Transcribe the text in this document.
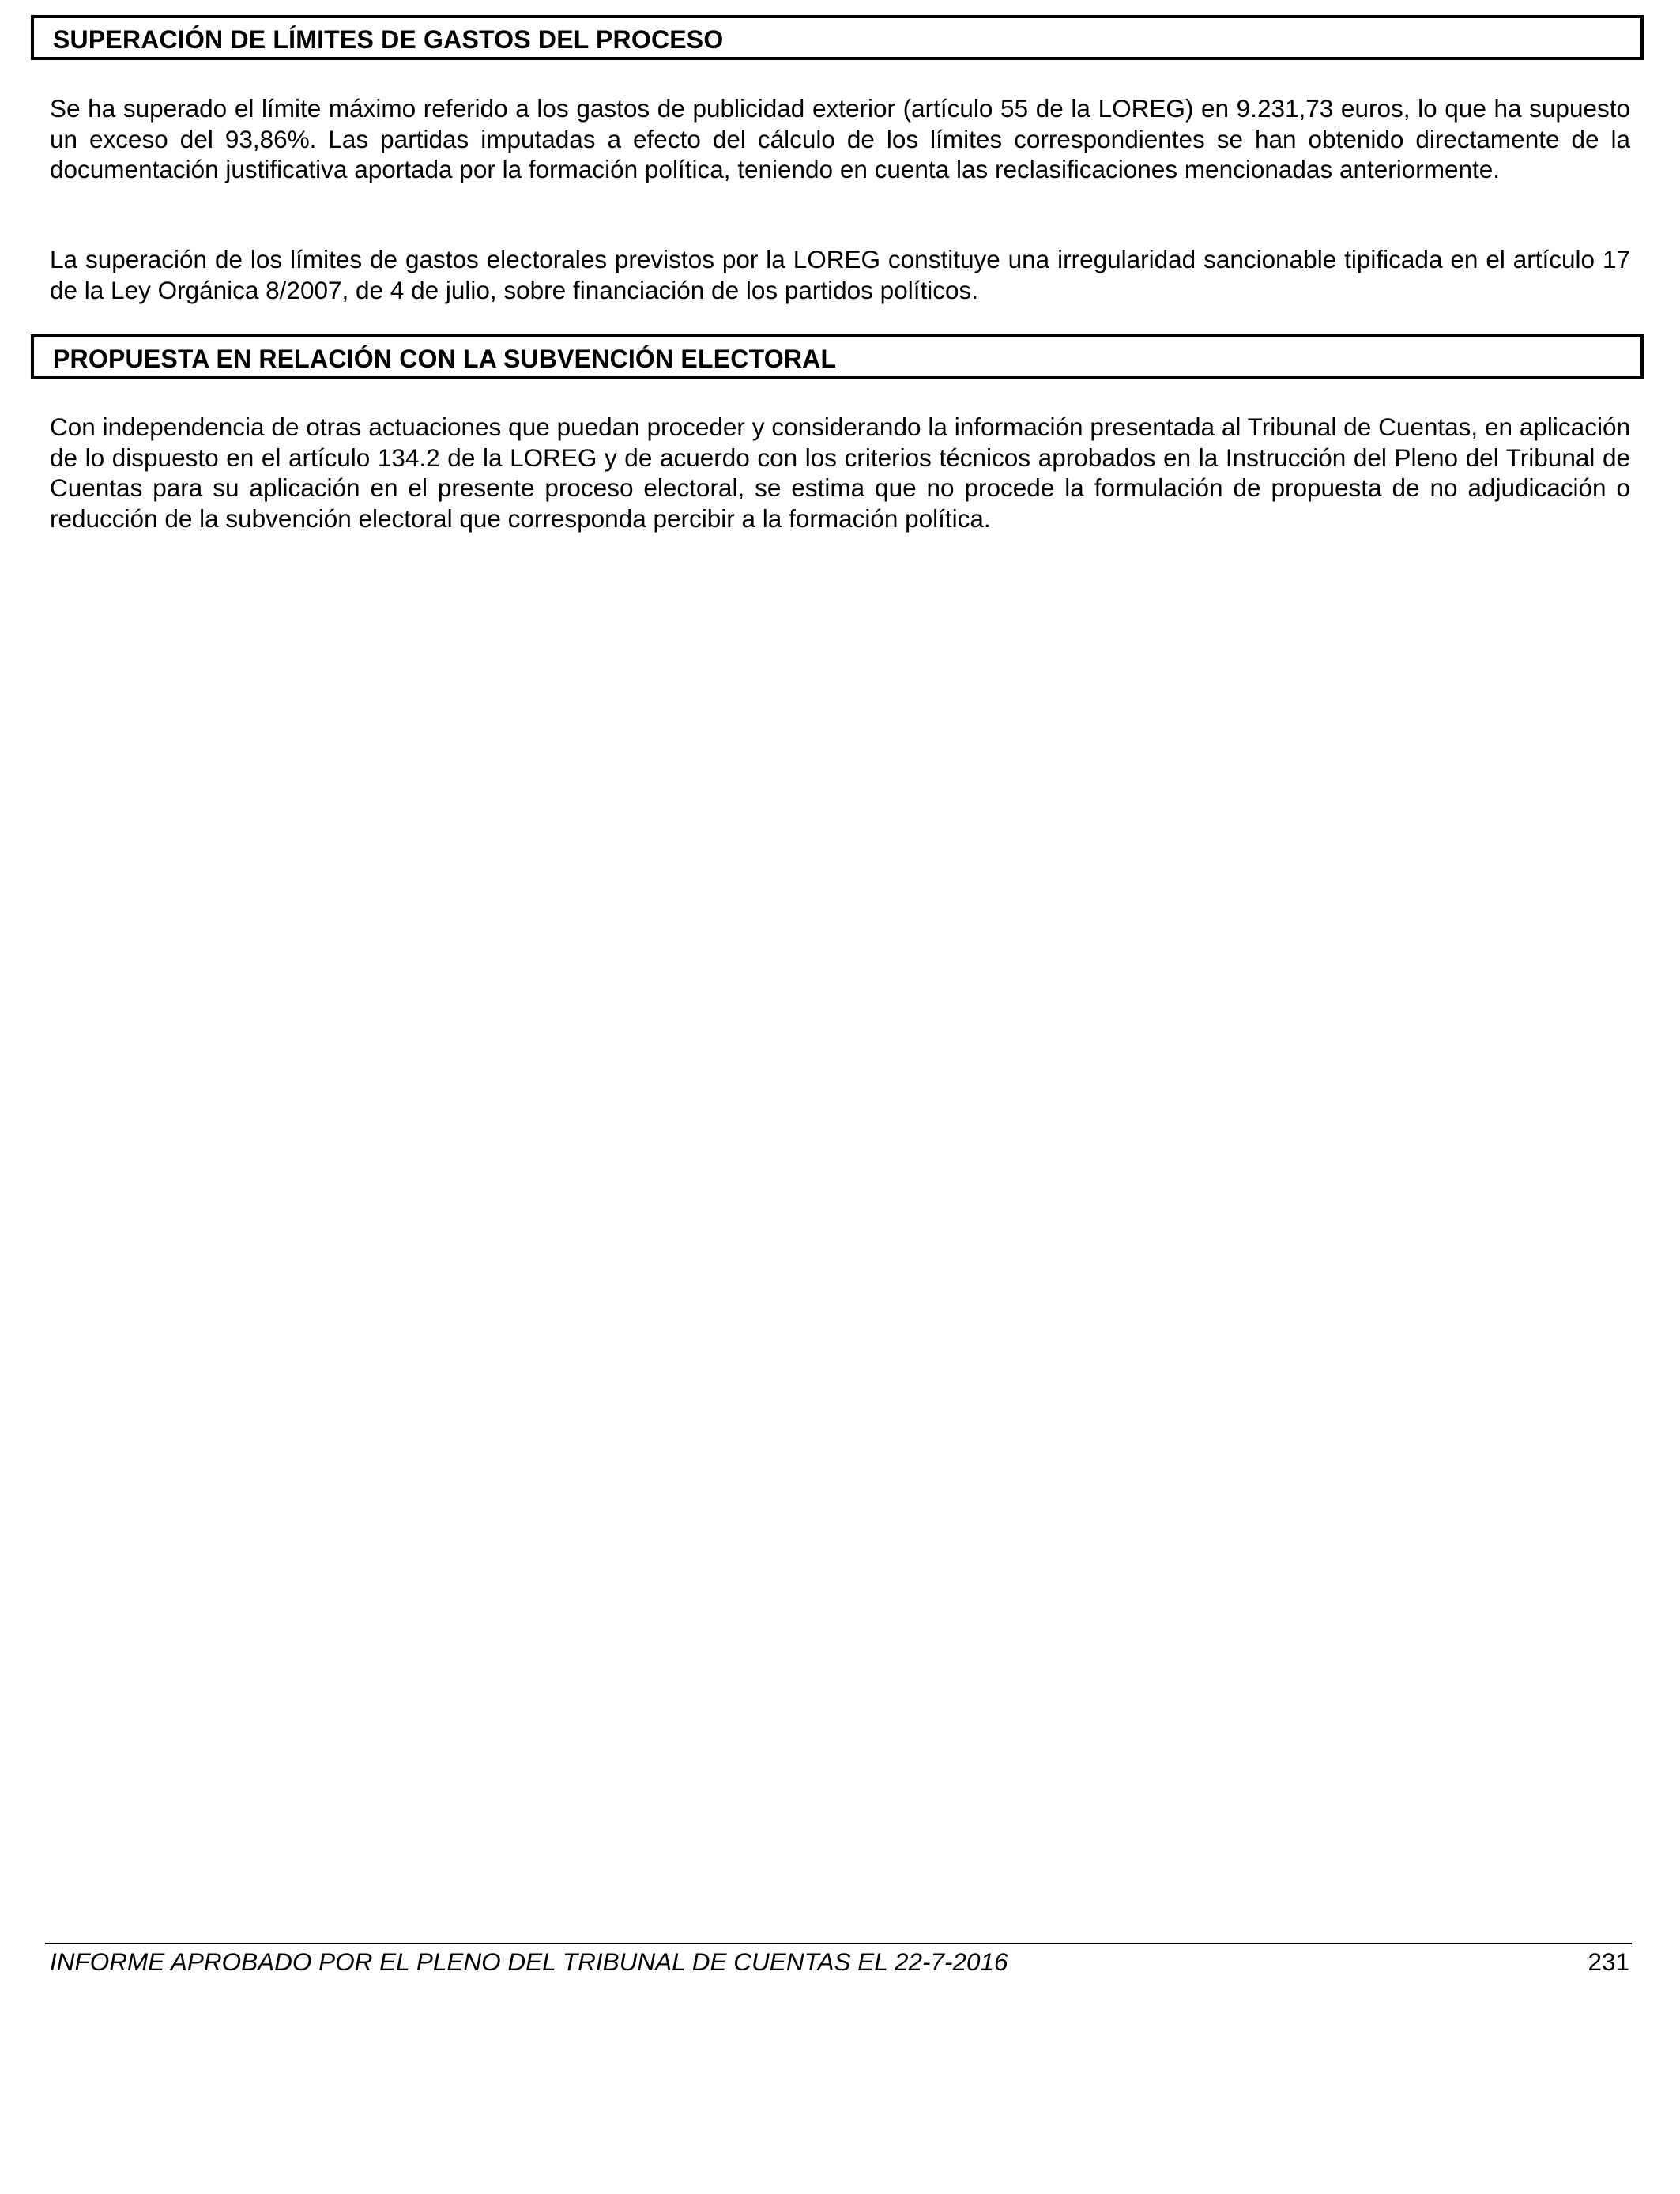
SUPERACIÓN DE LÍMITES DE GASTOS DEL PROCESO

Se ha superado el límite máximo referido a los gastos de publicidad exterior (artículo 55 de la LOREG) en 9.231,73 euros, lo que ha supuesto un exceso del 93,86%. Las partidas imputadas a efecto del cálculo de los límites correspondientes se han obtenido directamente de la documentación justificativa aportada por la formación política, teniendo en cuenta las reclasificaciones mencionadas anteriormente.

La superación de los límites de gastos electorales previstos por la LOREG constituye una irregularidad sancionable tipificada en el artículo 17 de la Ley Orgánica 8/2007, de 4 de julio, sobre financiación de los partidos políticos.

PROPUESTA EN RELACIÓN CON LA SUBVENCIÓN ELECTORAL

Con independencia de otras actuaciones que puedan proceder y considerando la información presentada al Tribunal de Cuentas, en aplicación de lo dispuesto en el artículo 134.2 de la LOREG y de acuerdo con los criterios técnicos aprobados en la Instrucción del Pleno del Tribunal de Cuentas para su aplicación en el presente proceso electoral, se estima que no procede la formulación de propuesta de no adjudicación o reducción de la subvención electoral que corresponda percibir a la formación política.

INFORME APROBADO POR EL PLENO DEL TRIBUNAL DE CUENTAS EL 22-7-2016	231
